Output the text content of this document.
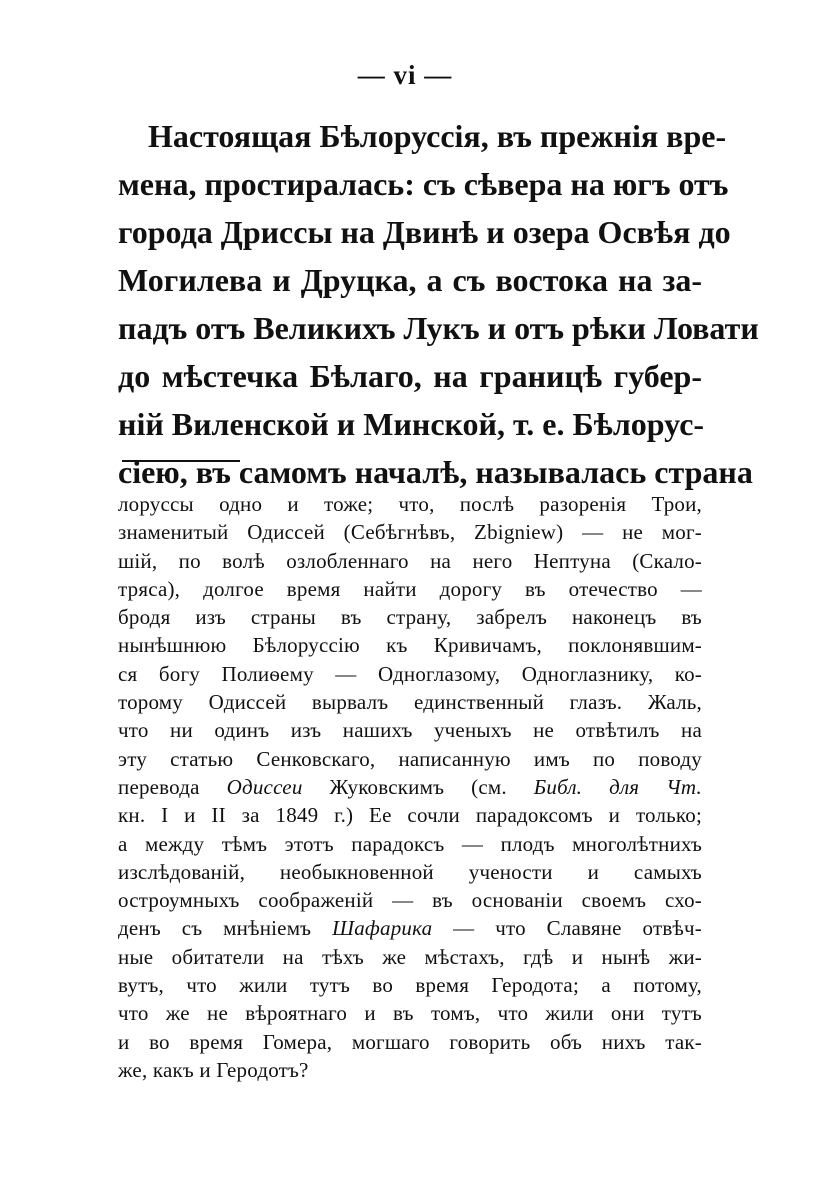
— vi —
Настоящая Бѣлоруссія, въ прежнія вре-
мена, простиралась: съ сѣвера на югъ отъ
города Дриссы на Двинѣ и озера Освѣя до
Могилева и Друцка, а съ востока на за-
падъ отъ Великихъ Лукъ и отъ рѣки Ловати
до мѣстечка Бѣлаго, на границѣ губер-
ній Виленской и Минской, т. е. Бѣлорус-
сіею, въ самомъ началѣ, называлась страна
лоруссы одно и тоже; что, послѣ разоренія Трои,
знаменитый Одиссей (Себѣгнѣвъ, Zbigniew) — не мог-
шій, по волѣ озлобленнаго на него Нептуна (Скало-
тряса), долгое время найти дорогу въ отечество —
бродя изъ страны въ страну, забрелъ наконецъ въ
нынѣшнюю Бѣлоруссію къ Кривичамъ, поклонявшим-
ся богу Полиѳему — Одноглазому, Одноглазнику, ко-
торому Одиссей вырвалъ единственный глазъ. Жаль,
что ни одинъ изъ нашихъ ученыхъ не отвѣтилъ на
эту статью Сенковскаго, написанную имъ по поводу
перевода Одиссеи Жуковскимъ (см. Библ. для Чт.
кн. I и II за 1849 г.) Ее сочли парадоксомъ и только;
а между тѣмъ этотъ парадоксъ — плодъ многолѣтнихъ
изслѣдованій, необыкновенной учености и самыхъ
остроумныхъ соображеній — въ основаніи своемъ схо-
денъ съ мнѣніемъ Шафарика — что Славяне отвѣч-
ные обитатели на тѣхъ же мѣстахъ, гдѣ и нынѣ жи-
вутъ, что жили тутъ во время Геродота; а потому,
что же не вѣроятнаго и въ томъ, что жили они тутъ
и во время Гомера, могшаго говорить объ нихъ так-
же, какъ и Геродотъ?
